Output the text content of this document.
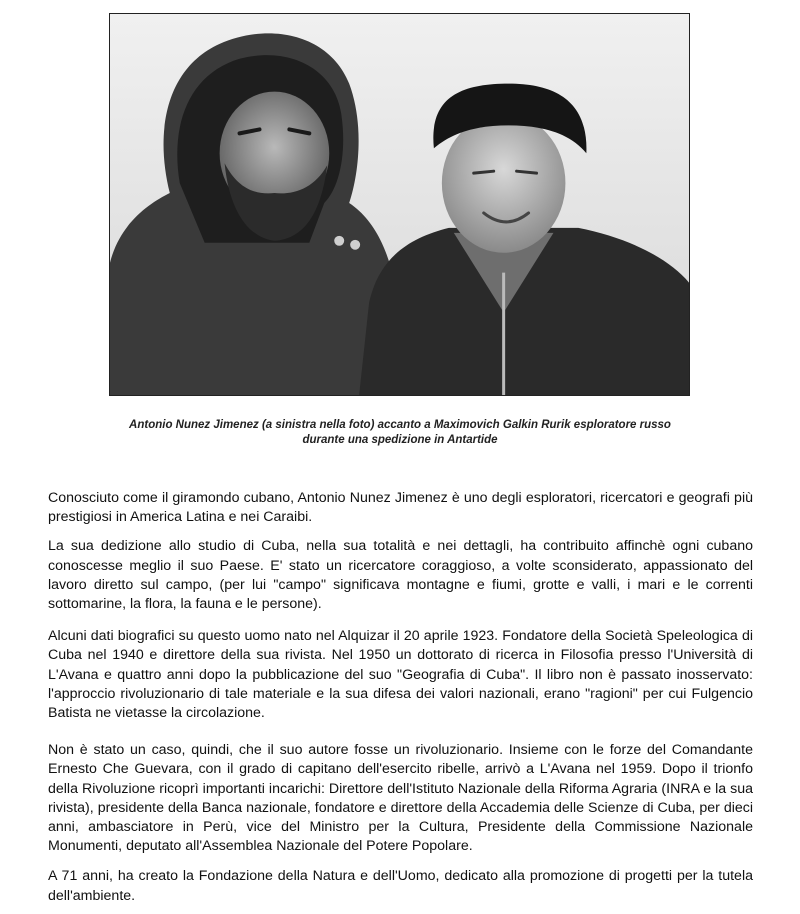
Antonio Nunez Jimenez (a sinistra nella foto) accanto a Maximovich Galkin Rurik esploratore russo
durante una spedizione in Antartide

Conosciuto come il giramondo cubano, Antonio Nunez Jimenez è uno degli esploratori, ricercatori e geografi più prestigiosi in America Latina e nei Caraibi.

La sua dedizione allo studio di Cuba, nella sua totalità e nei dettagli, ha contribuito affinchè ogni cubano conoscesse meglio il suo Paese. E' stato un ricercatore coraggioso, a volte sconsiderato, appassionato del lavoro diretto sul campo, (per lui "campo" significava montagne e fiumi, grotte e valli, i mari e le correnti sottomarine, la flora, la fauna e le persone).

Alcuni dati biografici su questo uomo nato nel Alquizar il 20 aprile 1923. Fondatore della Società Speleologica di Cuba nel 1940 e direttore della sua rivista. Nel 1950 un dottorato di ricerca in Filosofia presso l'Università di L'Avana e quattro anni dopo la pubblicazione del suo "Geografia di Cuba". Il libro non è passato inosservato: l'approccio rivoluzionario di tale materiale e la sua difesa dei valori nazionali, erano "ragioni" per cui Fulgencio Batista ne vietasse la circolazione.

Non è stato un caso, quindi, che il suo autore fosse un rivoluzionario. Insieme con le forze del Comandante Ernesto Che Guevara, con il grado di capitano dell'esercito ribelle, arrivò a L'Avana nel 1959. Dopo il trionfo della Rivoluzione ricoprì importanti incarichi: Direttore dell'Istituto Nazionale della Riforma Agraria (INRA e la sua rivista), presidente della Banca nazionale, fondatore e direttore della Accademia delle Scienze di Cuba, per dieci anni, ambasciatore in Perù, vice del Ministro per la Cultura, Presidente della Commissione Nazionale Monumenti, deputato all'Assemblea Nazionale del Potere Popolare.

A 71 anni, ha creato la Fondazione della Natura e dell'Uomo, dedicato alla promozione di progetti per la tutela dell'ambiente.
